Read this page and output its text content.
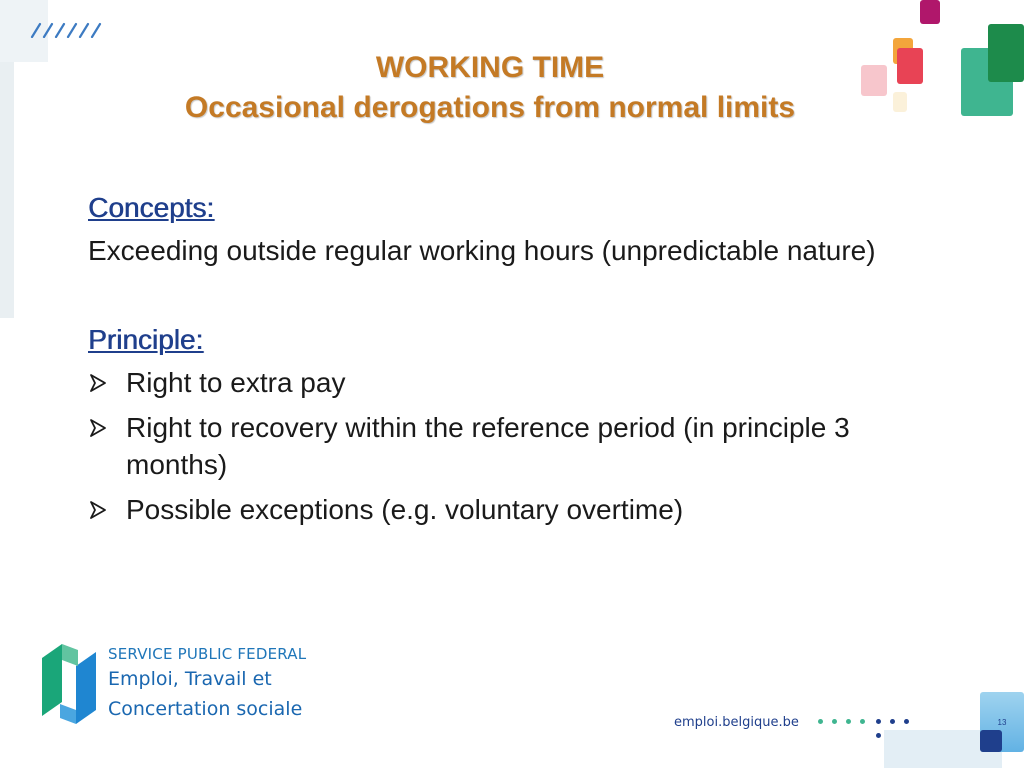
WORKING TIME

Occasional derogations from normal limits

Concepts:

Exceeding outside regular working hours (unpredictable nature)

Principle:

Right to extra pay
Right to recovery within the reference period (in principle 3 months)
Possible exceptions (e.g. voluntary overtime)
SERVICE PUBLIC FEDERAL
Emploi, Travail et
Concertation sociale
emploi.belgique.be	13
